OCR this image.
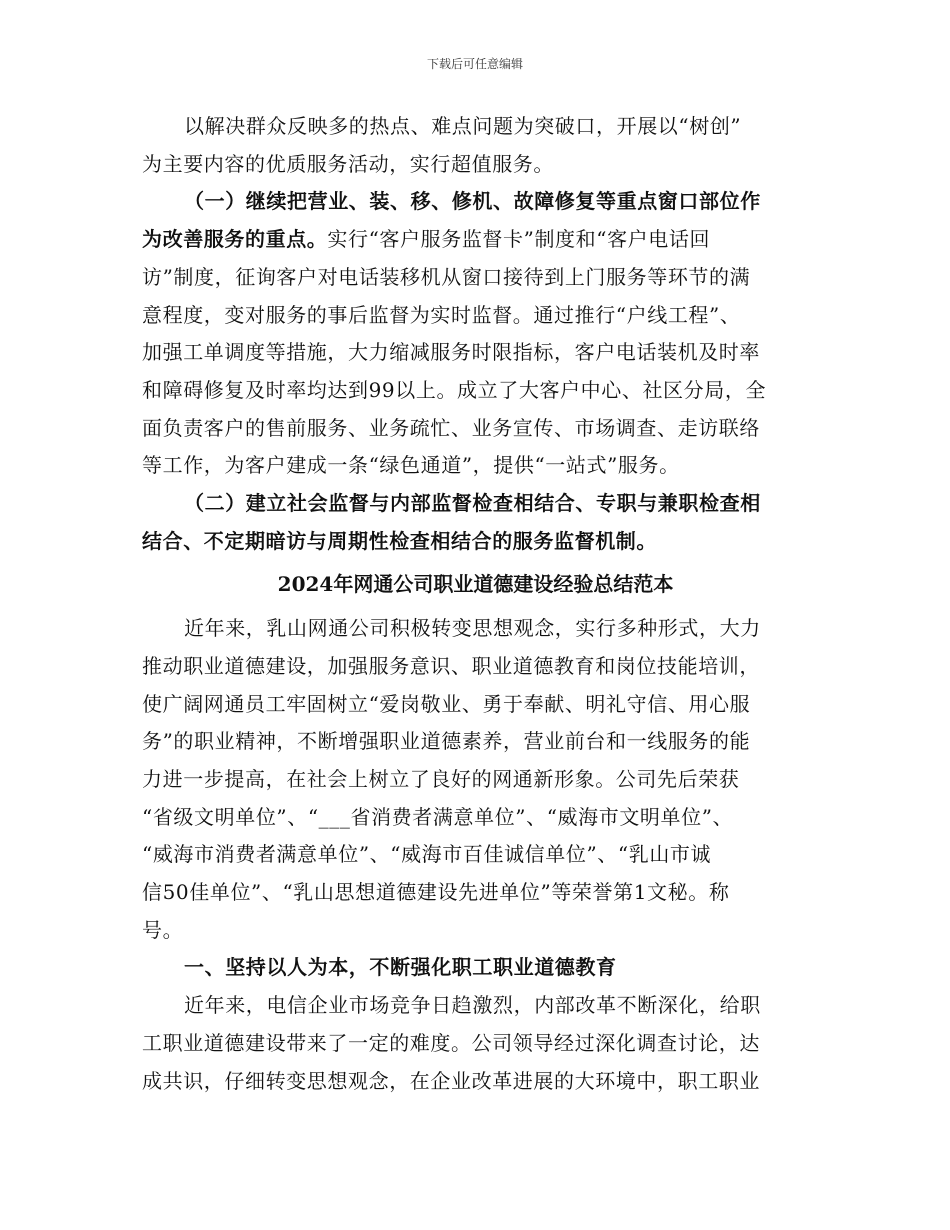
下载后可任意编辑

以解决群众反映多的热点、难点问题为突破口，开展以“树创”
为主要内容的优质服务活动，实行超值服务。

（一）继续把营业、装、移、修机、故障修复等重点窗口部位作
为改善服务的重点。实行“客户服务监督卡”制度和“客户电话回
访”制度，征询客户对电话装移机从窗口接待到上门服务等环节的满
意程度，变对服务的事后监督为实时监督。通过推行“户线工程”、
加强工单调度等措施，大力缩减服务时限指标，客户电话装机及时率
和障碍修复及时率均达到99以上。成立了大客户中心、社区分局，全
面负责客户的售前服务、业务疏忙、业务宣传、市场调查、走访联络
等工作，为客户建成一条“绿色通道”，提供“一站式”服务。

（二）建立社会监督与内部监督检查相结合、专职与兼职检查相
结合、不定期暗访与周期性检查相结合的服务监督机制。

2024年网通公司职业道德建设经验总结范本

近年来，乳山网通公司积极转变思想观念，实行多种形式，大力
推动职业道德建设，加强服务意识、职业道德教育和岗位技能培训，
使广阔网通员工牢固树立“爱岗敬业、勇于奉献、明礼守信、用心服
务”的职业精神，不断增强职业道德素养，营业前台和一线服务的能
力进一步提高，在社会上树立了良好的网通新形象。公司先后荣获
“省级文明单位”、“___省消费者满意单位”、“威海市文明单位”、
“威海市消费者满意单位”、“威海市百佳诚信单位”、“乳山市诚
信50佳单位”、“乳山思想道德建设先进单位”等荣誉第1文秘。称
号。

一、坚持以人为本，不断强化职工职业道德教育

近年来，电信企业市场竞争日趋激烈，内部改革不断深化，给职
工职业道德建设带来了一定的难度。公司领导经过深化调查讨论，达
成共识，仔细转变思想观念，在企业改革进展的大环境中，职工职业
